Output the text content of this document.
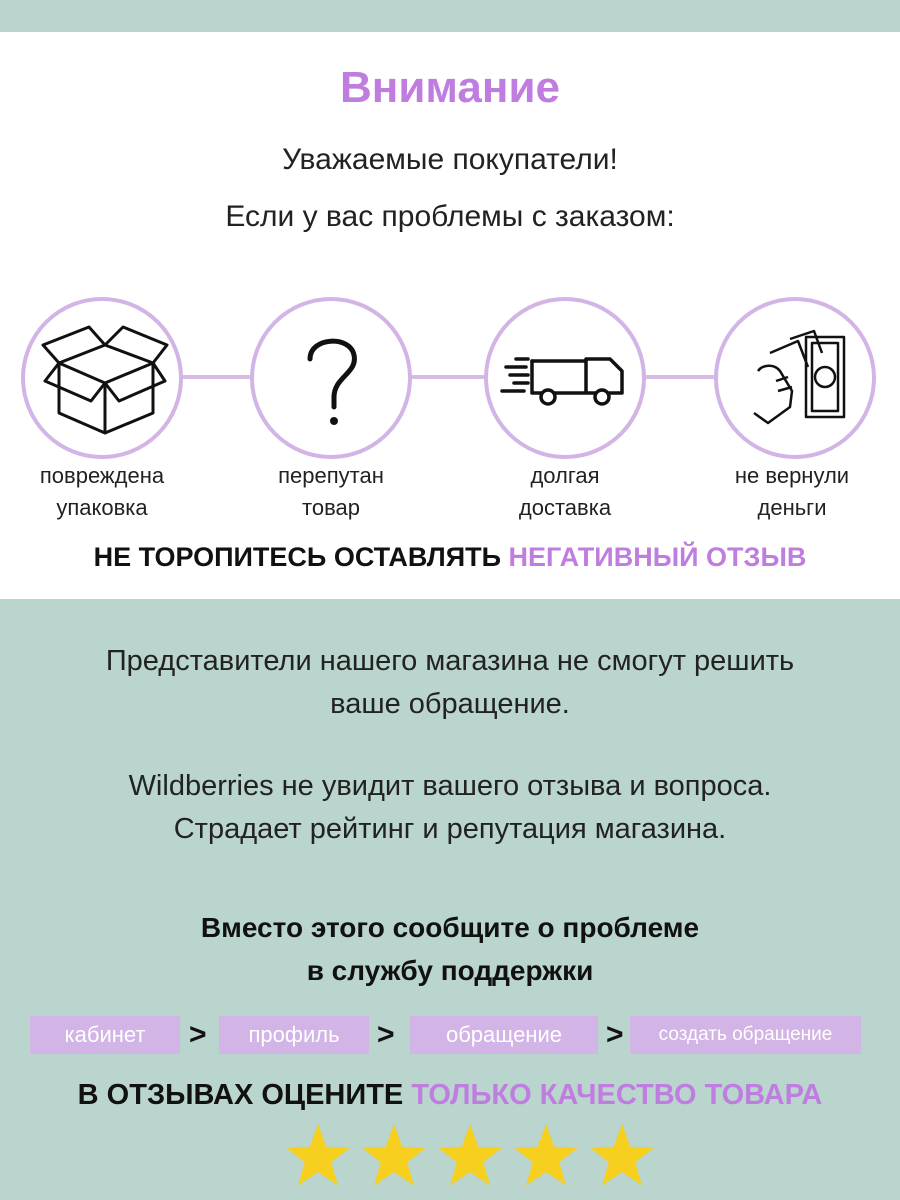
Внимание
Уважаемые покупатели!
Если у вас проблемы с заказом:
повреждена
упаковка
перепутан
товар
долгая
доставка
не вернули
деньги
НЕ ТОРОПИТЕСЬ ОСТАВЛЯТЬ НЕГАТИВНЫЙ ОТЗЫВ
Представители нашего магазина не смогут решить
ваше обращение.
Wildberries не увидит вашего отзыва и вопроса.
Страдает рейтинг и репутация магазина.
Вместо этого сообщите о проблеме
в службу поддержки
кабинет	>	профиль	>	обращение	>	создать обращение
В ОТЗЫВАХ ОЦЕНИТЕ ТОЛЬКО КАЧЕСТВО ТОВАРА
